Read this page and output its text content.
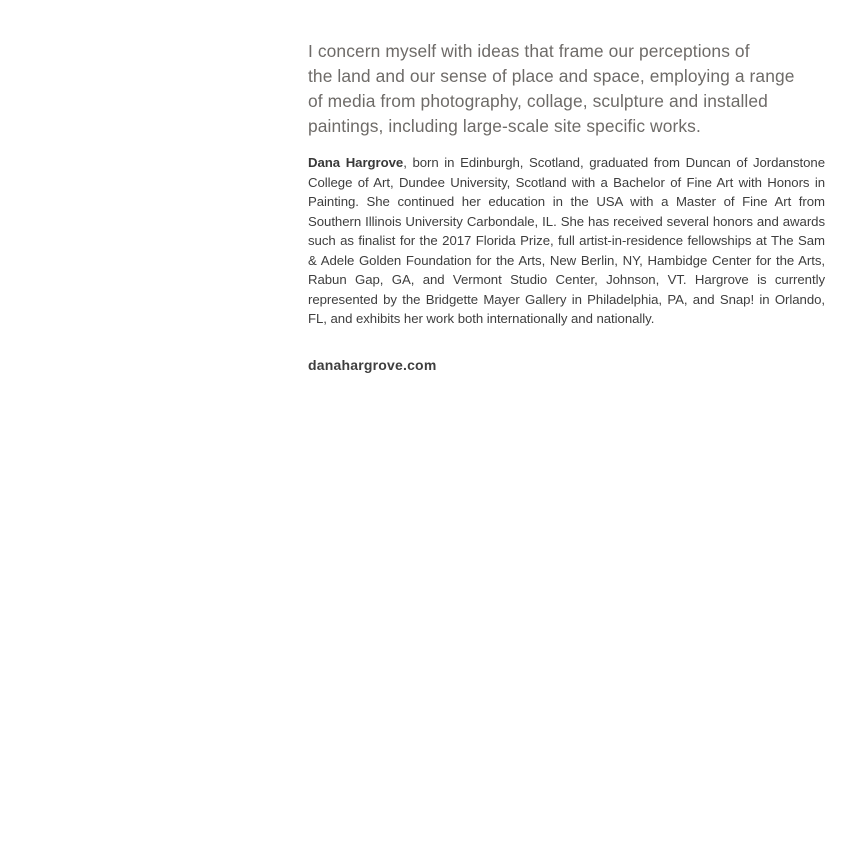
I concern myself with ideas that frame our perceptions of
the land and our sense of place and space, employing a range
of media from photography, collage, sculpture and installed
paintings, including large-scale site specific works.

Dana Hargrove, born in Edinburgh, Scotland, graduated from Duncan of Jordanstone College of Art, Dundee University, Scotland with a Bachelor of Fine Art with Honors in Painting. She continued her education in the USA with a Master of Fine Art from Southern Illinois University Carbondale, IL. She has received several honors and awards such as finalist for the 2017 Florida Prize, full artist-in-residence fellowships at The Sam & Adele Golden Foundation for the Arts, New Berlin, NY, Hambidge Center for the Arts, Rabun Gap, GA, and Vermont Studio Center, Johnson, VT. Hargrove is currently represented by the Bridgette Mayer Gallery in Philadelphia, PA, and Snap! in Orlando, FL, and exhibits her work both internationally and nationally.

danahargrove.com
